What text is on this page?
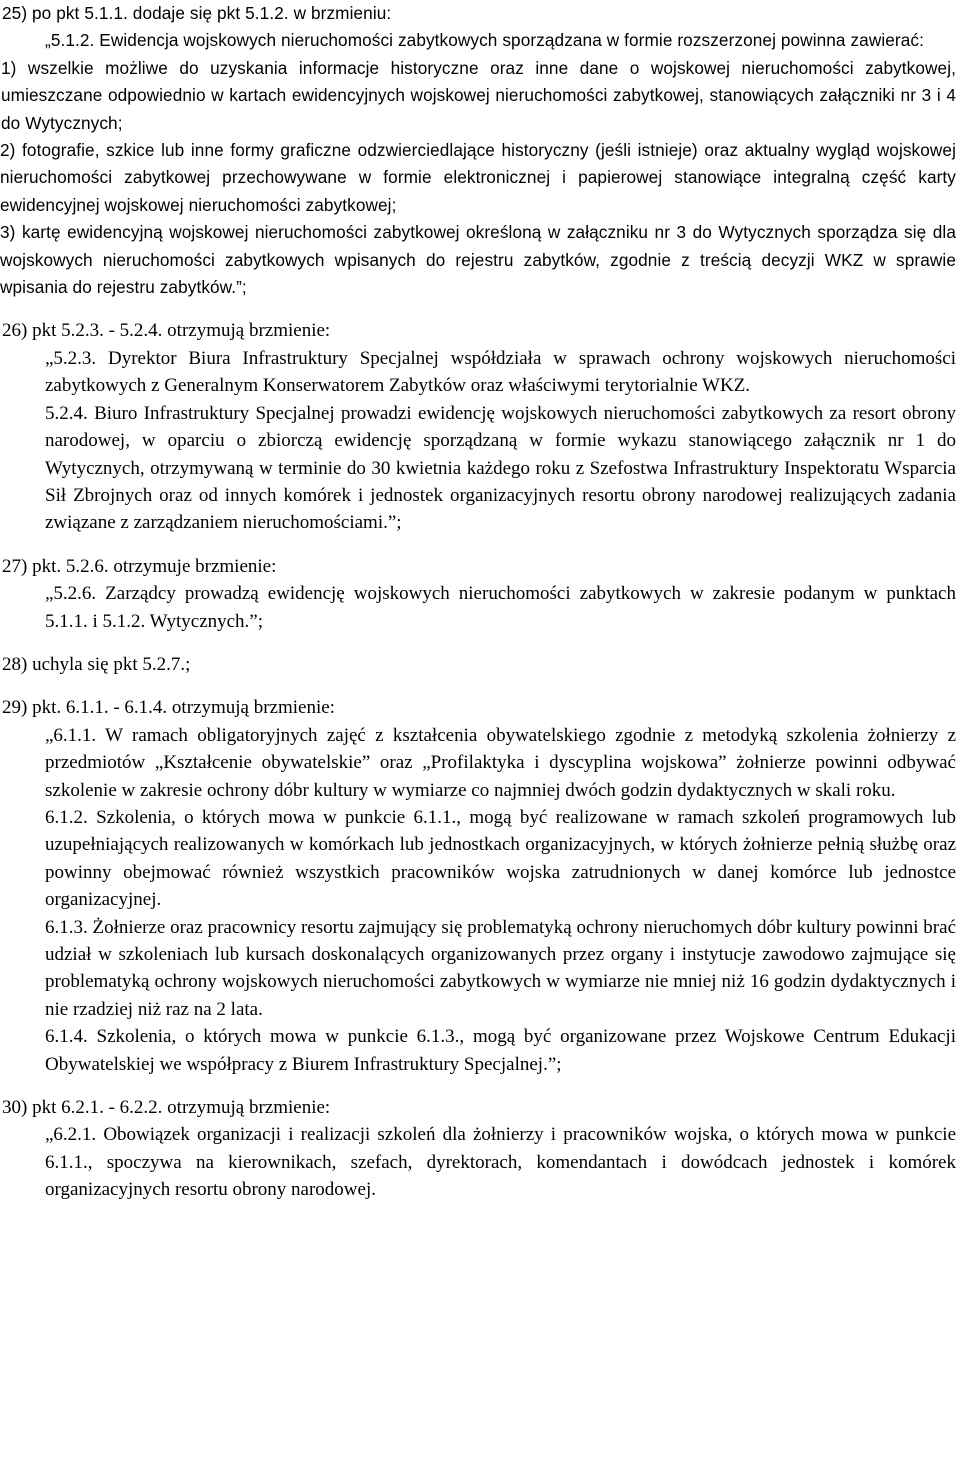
25) po pkt 5.1.1. dodaje się pkt 5.1.2. w brzmieniu:

„5.1.2. Ewidencja wojskowych nieruchomości zabytkowych sporządzana w formie rozszerzonej powinna zawierać:

1) wszelkie możliwe do uzyskania informacje historyczne oraz inne dane o wojskowej nieruchomości zabytkowej, umieszczane odpowiednio w kartach ewidencyjnych wojskowej nieruchomości zabytkowej, stanowiących załączniki nr 3 i 4 do Wytycznych;

2) fotografie, szkice lub inne formy graficzne odzwierciedlające historyczny (jeśli istnieje) oraz aktualny wygląd wojskowej nieruchomości zabytkowej przechowywane w formie elektronicznej i papierowej stanowiące integralną część karty ewidencyjnej wojskowej nieruchomości zabytkowej;

3) kartę ewidencyjną wojskowej nieruchomości zabytkowej określoną w załączniku nr 3 do Wytycznych sporządza się dla wojskowych nieruchomości zabytkowych wpisanych do rejestru zabytków, zgodnie z treścią decyzji WKZ w sprawie wpisania do rejestru zabytków.”;

26) pkt 5.2.3. - 5.2.4. otrzymują brzmienie:

„5.2.3. Dyrektor Biura Infrastruktury Specjalnej współdziała w sprawach ochrony wojskowych nieruchomości zabytkowych z Generalnym Konserwatorem Zabytków oraz właściwymi terytorialnie WKZ.

5.2.4. Biuro Infrastruktury Specjalnej prowadzi ewidencję wojskowych nieruchomości zabytkowych za resort obrony narodowej, w oparciu o zbiorczą ewidencję sporządzaną w formie wykazu stanowiącego załącznik nr 1 do Wytycznych, otrzymywaną w terminie do 30 kwietnia każdego roku z Szefostwa Infrastruktury Inspektoratu Wsparcia Sił Zbrojnych oraz od innych komórek i jednostek organizacyjnych resortu obrony narodowej realizujących zadania związane z zarządzaniem nieruchomościami.”;

27) pkt. 5.2.6. otrzymuje brzmienie:

„5.2.6. Zarządcy prowadzą ewidencję wojskowych nieruchomości zabytkowych w zakresie podanym w punktach 5.1.1. i 5.1.2. Wytycznych.”;

28) uchyla się pkt 5.2.7.;

29) pkt. 6.1.1. - 6.1.4. otrzymują brzmienie:

„6.1.1. W ramach obligatoryjnych zajęć z kształcenia obywatelskiego zgodnie z metodyką szkolenia żołnierzy z przedmiotów „Kształcenie obywatelskie” oraz „Profilaktyka i dyscyplina wojskowa” żołnierze powinni odbywać szkolenie w zakresie ochrony dóbr kultury w wymiarze co najmniej dwóch godzin dydaktycznych w skali roku.

6.1.2. Szkolenia, o których mowa w punkcie 6.1.1., mogą być realizowane w ramach szkoleń programowych lub uzupełniających realizowanych w komórkach lub jednostkach organizacyjnych, w których żołnierze pełnią służbę oraz powinny obejmować również wszystkich pracowników wojska zatrudnionych w danej komórce lub jednostce organizacyjnej.

6.1.3. Żołnierze oraz pracownicy resortu zajmujący się problematyką ochrony nieruchomych dóbr kultury powinni brać udział w szkoleniach lub kursach doskonalących organizowanych przez organy i instytucje zawodowo zajmujące się problematyką ochrony wojskowych nieruchomości zabytkowych w wymiarze nie mniej niż 16 godzin dydaktycznych i nie rzadziej niż raz na 2 lata.

6.1.4. Szkolenia, o których mowa w punkcie 6.1.3., mogą być organizowane przez Wojskowe Centrum Edukacji Obywatelskiej we współpracy z Biurem Infrastruktury Specjalnej.”;

30) pkt 6.2.1. - 6.2.2. otrzymują brzmienie:

„6.2.1. Obowiązek organizacji i realizacji szkoleń dla żołnierzy i pracowników wojska, o których mowa w punkcie 6.1.1., spoczywa na kierownikach, szefach, dyrektorach, komendantach i dowódcach jednostek i komórek organizacyjnych resortu obrony narodowej.
